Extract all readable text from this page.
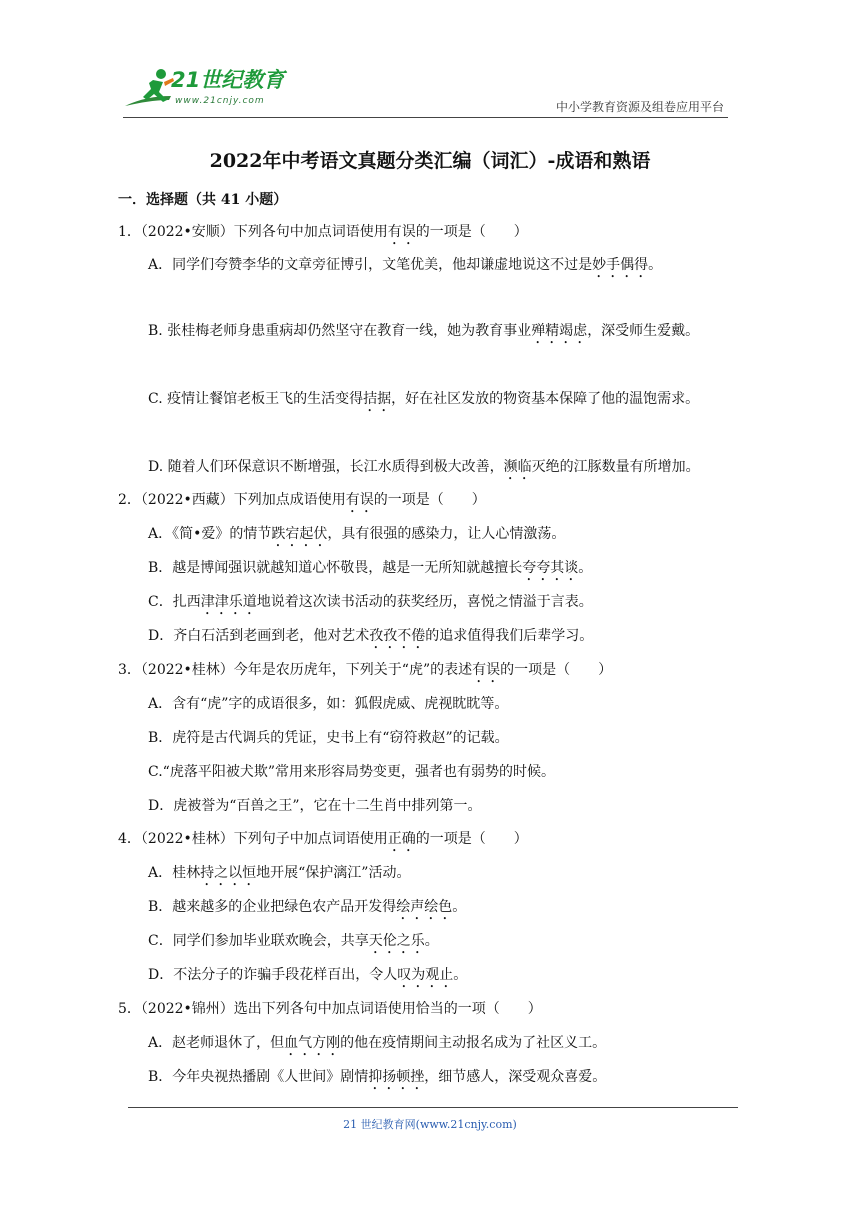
21世纪教育
www.21cnjy.com	中小学教育资源及组卷应用平台
2022年中考语文真题分类汇编（词汇）-成语和熟语
一．选择题（共 41 小题）
1．（2022•安顺）下列各句中加点词语使用有误的一项是（　　）
A．同学们夸赞李华的文章旁征博引，文笔优美，他却谦虚地说这不过是妙手偶得。
B. 张桂梅老师身患重病却仍然坚守在教育一线，她为教育事业殚精竭虑，深受师生爱戴。
C. 疫情让餐馆老板王飞的生活变得拮据，好在社区发放的物资基本保障了他的温饱需求。
D. 随着人们环保意识不断增强，长江水质得到极大改善，濒临灭绝的江豚数量有所增加。
2．（2022•西藏）下列加点成语使用有误的一项是（　　）
A．《简•爱》的情节跌宕起伏，具有很强的感染力，让人心情激荡。
B．越是博闻强识就越知道心怀敬畏，越是一无所知就越擅长夸夸其谈。
C．扎西津津乐道地说着这次读书活动的获奖经历，喜悦之情溢于言表。
D．齐白石活到老画到老，他对艺术孜孜不倦的追求值得我们后辈学习。
3．（2022•桂林）今年是农历虎年，下列关于“虎”的表述有误的一项是（　　）
A．含有“虎”字的成语很多，如：狐假虎威、虎视眈眈等。
B．虎符是古代调兵的凭证，史书上有“窃符救赵”的记载。
C.“虎落平阳被犬欺”常用来形容局势变更，强者也有弱势的时候。
D．虎被誉为“百兽之王”，它在十二生肖中排列第一。
4．（2022•桂林）下列句子中加点词语使用正确的一项是（　　）
A．桂林持之以恒地开展“保护漓江”活动。
B．越来越多的企业把绿色农产品开发得绘声绘色。
C．同学们参加毕业联欢晚会，共享天伦之乐。
D．不法分子的诈骗手段花样百出，令人叹为观止。
5．（2022•锦州）选出下列各句中加点词语使用恰当的一项（　　）
A．赵老师退休了，但血气方刚的他在疫情期间主动报名成为了社区义工。
B．今年央视热播剧《人世间》剧情抑扬顿挫，细节感人，深受观众喜爱。
21 世纪教育网(www.21cnjy.com)
